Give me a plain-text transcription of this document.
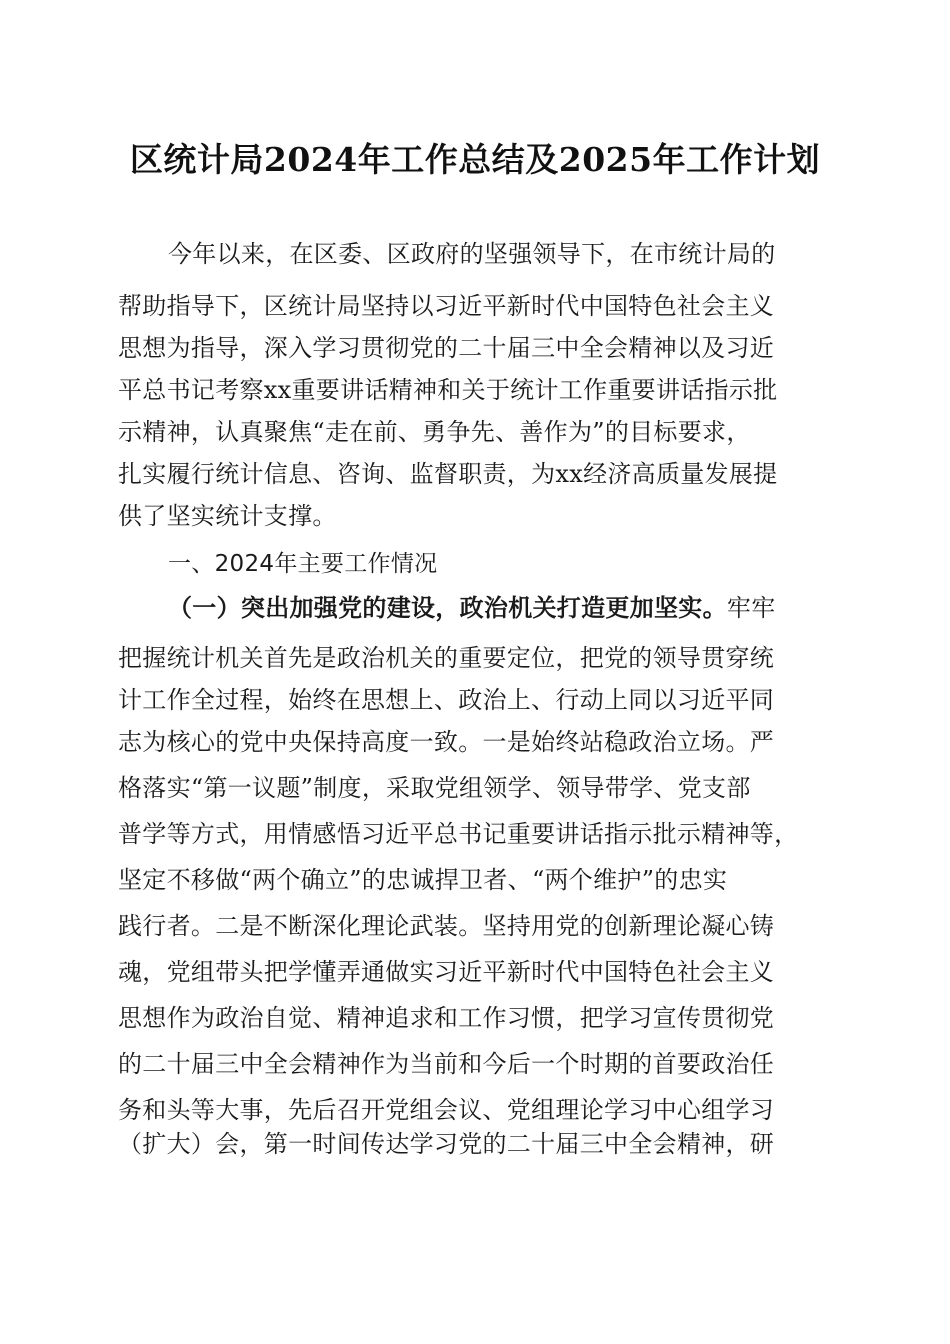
区统计局2024年工作总结及2025年工作计划
今年以来，在区委、区政府的坚强领导下，在市统计局的
帮助指导下，区统计局坚持以习近平新时代中国特色社会主义
思想为指导，深入学习贯彻党的二十届三中全会精神以及习近
平总书记考察xx重要讲话精神和关于统计工作重要讲话指示批
示精神，认真聚焦“走在前、勇争先、善作为”的目标要求，
扎实履行统计信息、咨询、监督职责，为xx经济高质量发展提
供了坚实统计支撑。
一、2024年主要工作情况
（一）突出加强党的建设，政治机关打造更加坚实。牢牢
把握统计机关首先是政治机关的重要定位，把党的领导贯穿统
计工作全过程，始终在思想上、政治上、行动上同以习近平同
志为核心的党中央保持高度一致。一是始终站稳政治立场。严
格落实“第一议题”制度，采取党组领学、领导带学、党支部
普学等方式，用情感悟习近平总书记重要讲话指示批示精神等，
坚定不移做“两个确立”的忠诚捍卫者、“两个维护”的忠实
践行者。二是不断深化理论武装。坚持用党的创新理论凝心铸
魂，党组带头把学懂弄通做实习近平新时代中国特色社会主义
思想作为政治自觉、精神追求和工作习惯，把学习宣传贯彻党
的二十届三中全会精神作为当前和今后一个时期的首要政治任
务和头等大事，先后召开党组会议、党组理论学习中心组学习
（扩大）会，第一时间传达学习党的二十届三中全会精神，研
